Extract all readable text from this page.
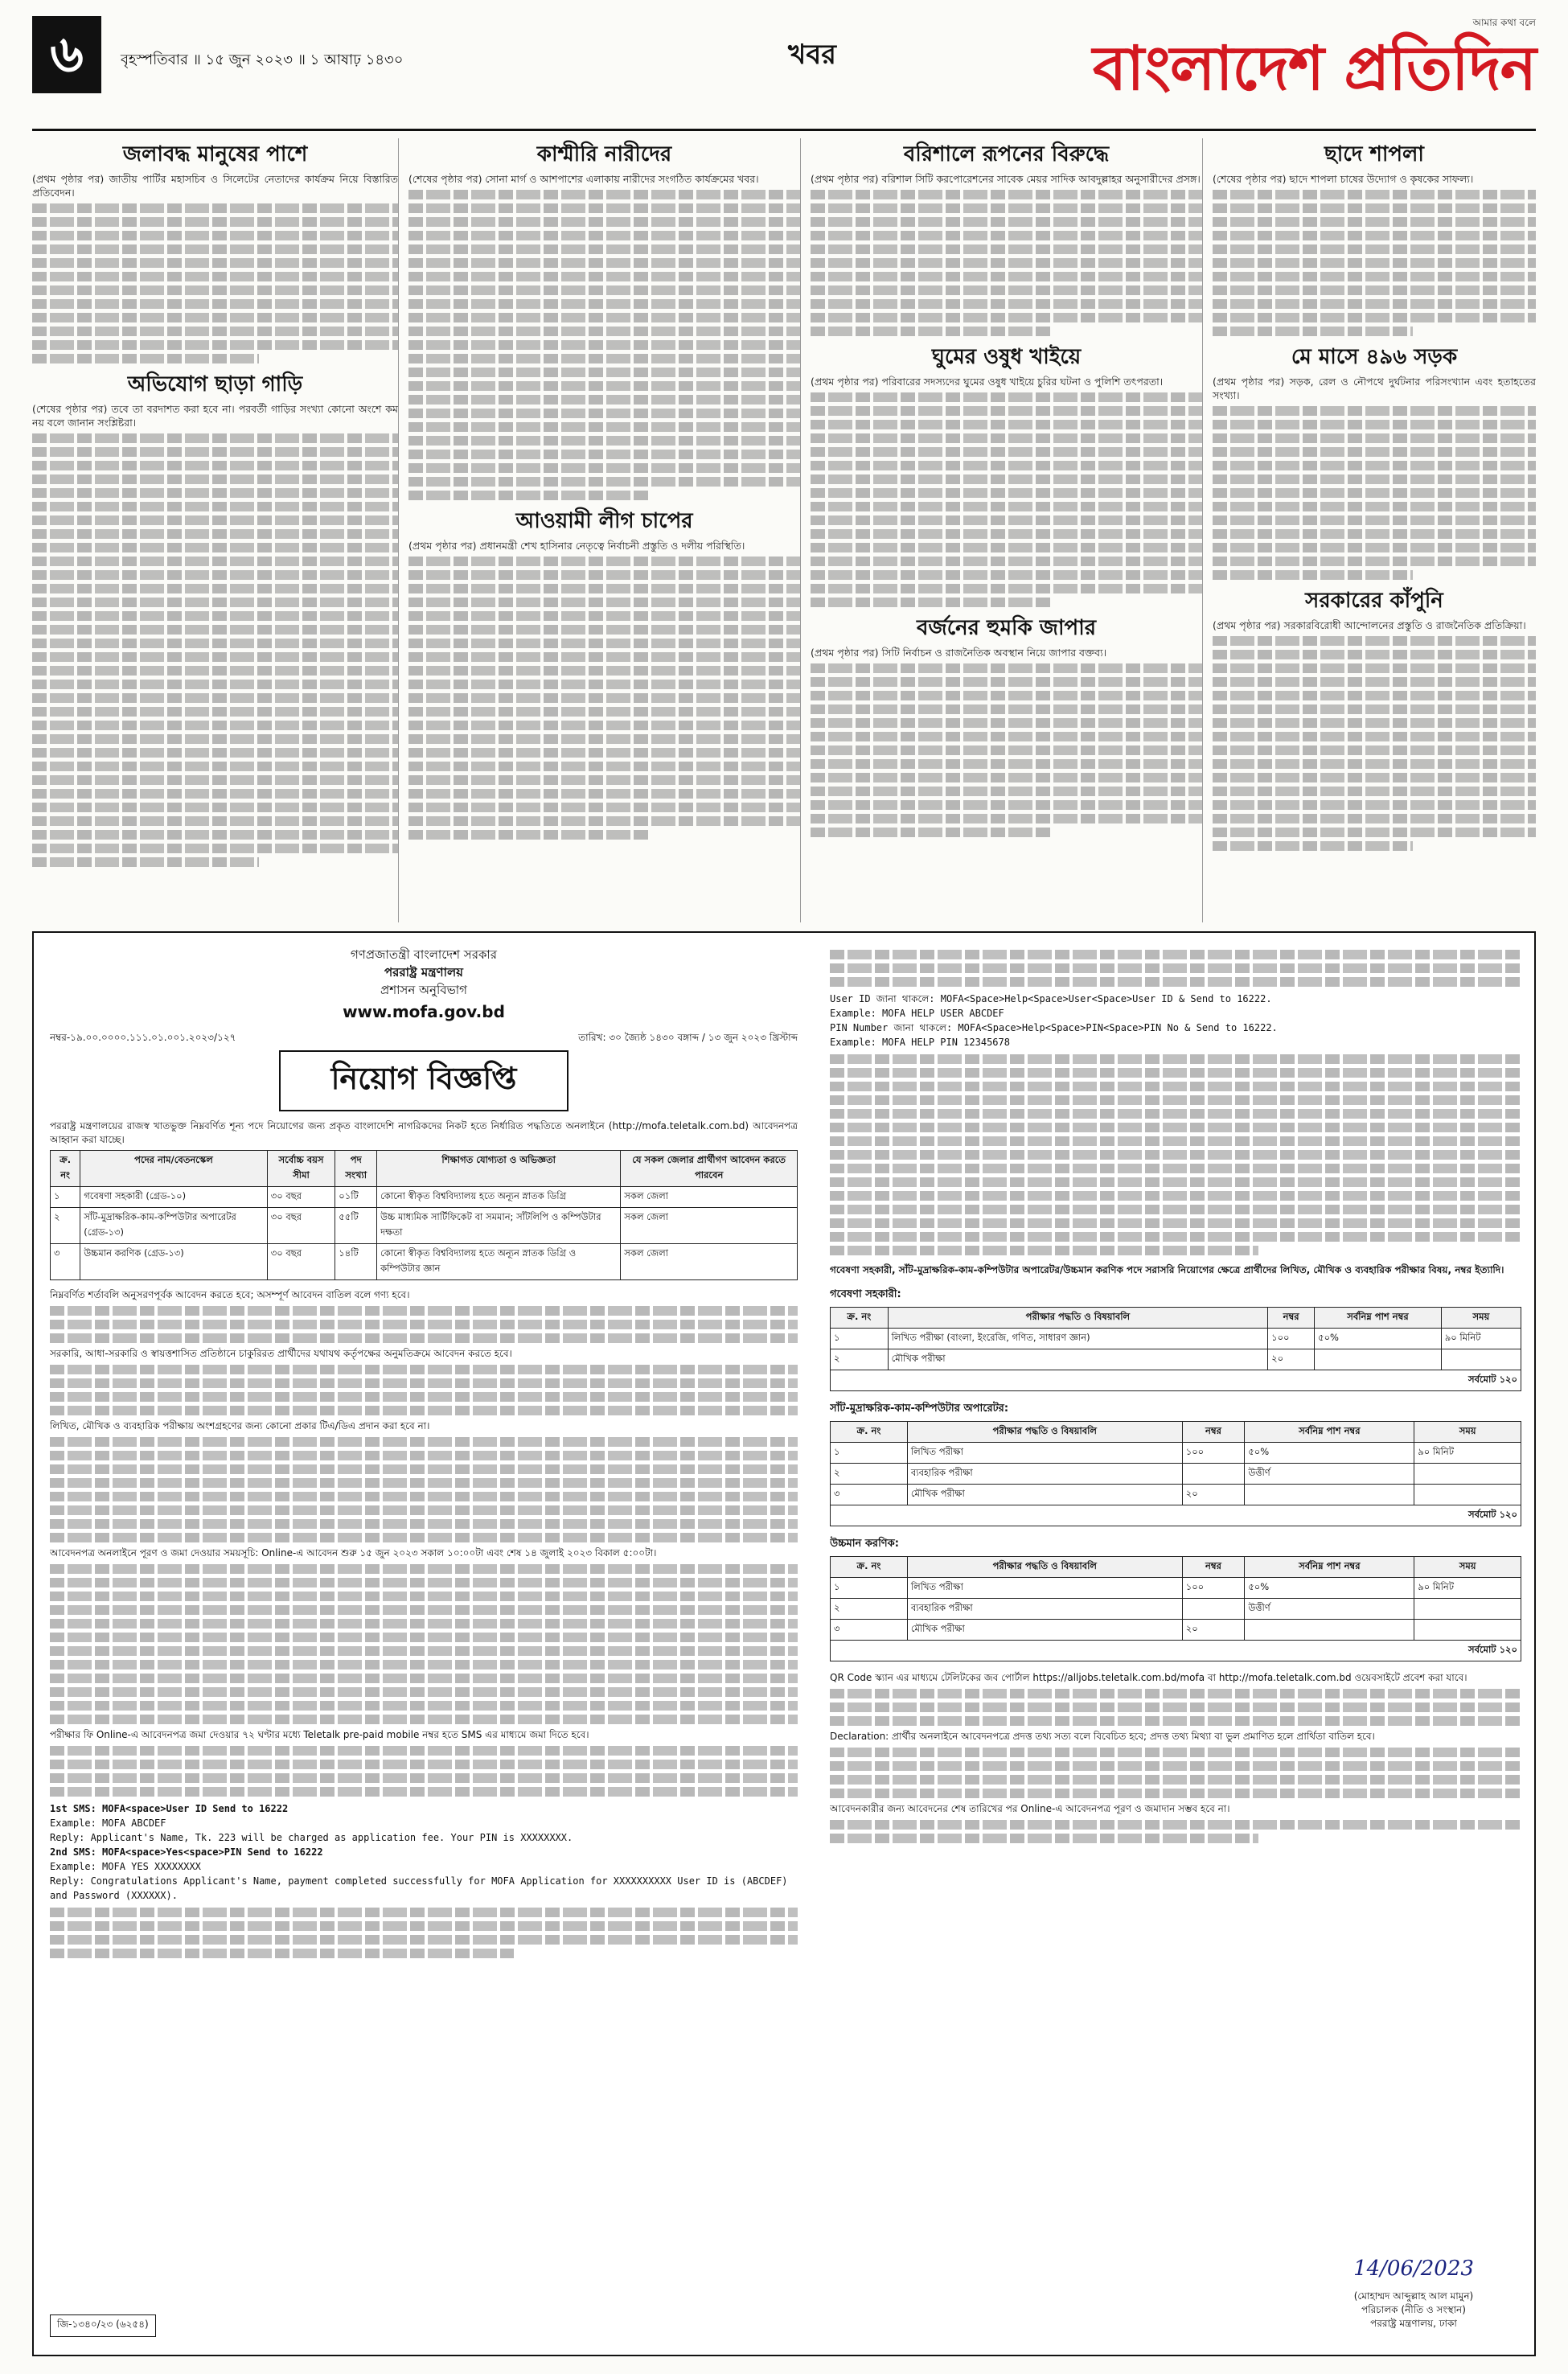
৬	বৃহস্পতিবার ॥ ১৫ জুন ২০২৩ ॥ ১ আষাঢ় ১৪৩০	খবর
আমার কথা বলে
বাংলাদেশ প্রতিদিন
জলাবদ্ধ মানুষের পাশে
(প্রথম পৃষ্ঠার পর) জাতীয় পার্টির মহাসচিব ও সিলেটের নেতাদের কার্যক্রম নিয়ে বিস্তারিত প্রতিবেদন।
অভিযোগ ছাড়া গাড়ি
(শেষের পৃষ্ঠার পর) তবে তা বরদাশত করা হবে না। পরবর্তী গাড়ির সংখ্যা কোনো অংশে কম নয় বলে জানান সংশ্লিষ্টরা।
কাশ্মীরি নারীদের
(শেষের পৃষ্ঠার পর) সোনা মার্গ ও আশপাশের এলাকায় নারীদের সংগঠিত কার্যক্রমের খবর।
আওয়ামী লীগ চাপের
(প্রথম পৃষ্ঠার পর) প্রধানমন্ত্রী শেখ হাসিনার নেতৃত্বে নির্বাচনী প্রস্তুতি ও দলীয় পরিস্থিতি।
বরিশালে রূপনের বিরুদ্ধে
(প্রথম পৃষ্ঠার পর) বরিশাল সিটি করপোরেশনের সাবেক মেয়র সাদিক আবদুল্লাহর অনুসারীদের প্রসঙ্গ।
ঘুমের ওষুধ খাইয়ে
(প্রথম পৃষ্ঠার পর) পরিবারের সদস্যদের ঘুমের ওষুধ খাইয়ে চুরির ঘটনা ও পুলিশি তৎপরতা।
বর্জনের হুমকি জাপার
(প্রথম পৃষ্ঠার পর) সিটি নির্বাচন ও রাজনৈতিক অবস্থান নিয়ে জাপার বক্তব্য।
ছাদে শাপলা
(শেষের পৃষ্ঠার পর) ছাদে শাপলা চাষের উদ্যোগ ও কৃষকের সাফল্য।
মে মাসে ৪৯৬ সড়ক
(প্রথম পৃষ্ঠার পর) সড়ক, রেল ও নৌপথে দুর্ঘটনার পরিসংখ্যান এবং হতাহতের সংখ্যা।
সরকারের কাঁপুনি
(প্রথম পৃষ্ঠার পর) সরকারবিরোধী আন্দোলনের প্রস্তুতি ও রাজনৈতিক প্রতিক্রিয়া।
গণপ্রজাতন্ত্রী বাংলাদেশ সরকার
পররাষ্ট্র মন্ত্রণালয়
প্রশাসন অনুবিভাগ
www.mofa.gov.bd
নম্বর-১৯.০০.০০০০.১১১.০১.০০১.২০২৩/১২৭	তারিখ: ৩০ জ্যৈষ্ঠ ১৪৩০ বঙ্গাব্দ / ১৩ জুন ২০২৩ খ্রিস্টাব্দ
নিয়োগ বিজ্ঞপ্তি

পররাষ্ট্র মন্ত্রণালয়ের রাজস্ব খাতভুক্ত নিম্নবর্ণিত শূন্য পদে নিয়োগের জন্য প্রকৃত বাংলাদেশি নাগরিকদের নিকট হতে নির্ধারিত পদ্ধতিতে অনলাইনে (http://mofa.teletalk.com.bd) আবেদনপত্র আহ্বান করা যাচ্ছে।

ক্র. নং	পদের নাম/বেতনস্কেল	সর্বোচ্চ বয়স সীমা	পদ সংখ্যা	শিক্ষাগত যোগ্যতা ও অভিজ্ঞতা	যে সকল জেলার প্রার্থীগণ আবেদন করতে পারবেন
১	গবেষণা সহকারী (গ্রেড-১০)	৩০ বছর	০১টি	কোনো স্বীকৃত বিশ্ববিদ্যালয় হতে অন্যূন স্নাতক ডিগ্রি	সকল জেলা
২	সাঁট-মুদ্রাক্ষরিক-কাম-কম্পিউটার অপারেটর (গ্রেড-১৩)	৩০ বছর	৫৫টি	উচ্চ মাধ্যমিক সার্টিফিকেট বা সমমান; সাঁটলিপি ও কম্পিউটার দক্ষতা	সকল জেলা
৩	উচ্চমান করণিক (গ্রেড-১৩)	৩০ বছর	১৪টি	কোনো স্বীকৃত বিশ্ববিদ্যালয় হতে অন্যূন স্নাতক ডিগ্রি ও কম্পিউটার জ্ঞান	সকল জেলা

নিম্নবর্ণিত শর্তাবলি অনুসরণপূর্বক আবেদন করতে হবে; অসম্পূর্ণ আবেদন বাতিল বলে গণ্য হবে।

সরকারি, আধা-সরকারি ও স্বায়ত্তশাসিত প্রতিষ্ঠানে চাকুরিরত প্রার্থীদের যথাযথ কর্তৃপক্ষের অনুমতিক্রমে আবেদন করতে হবে।

লিখিত, মৌখিক ও ব্যবহারিক পরীক্ষায় অংশগ্রহণের জন্য কোনো প্রকার টিএ/ডিএ প্রদান করা হবে না।

আবেদনপত্র অনলাইনে পূরণ ও জমা দেওয়ার সময়সূচি: Online-এ আবেদন শুরু ১৫ জুন ২০২৩ সকাল ১০:০০টা এবং শেষ ১৪ জুলাই ২০২৩ বিকাল ৫:০০টা।

পরীক্ষার ফি Online-এ আবেদনপত্র জমা দেওয়ার ৭২ ঘণ্টার মধ্যে Teletalk pre-paid mobile নম্বর হতে SMS এর মাধ্যমে জমা দিতে হবে।

1st SMS: MOFA<space>User ID Send to 16222
Example: MOFA ABCDEF
Reply: Applicant's Name, Tk. 223 will be charged as application fee. Your PIN is XXXXXXXX.
2nd SMS: MOFA<space>Yes<space>PIN Send to 16222
Example: MOFA YES XXXXXXXX
Reply: Congratulations Applicant's Name, payment completed successfully for MOFA Application for XXXXXXXXXX User ID is (ABCDEF) and Password (XXXXXX).
User ID জানা থাকলে: MOFA<Space>Help<Space>User<Space>User ID & Send to 16222.
Example: MOFA HELP USER ABCDEF
PIN Number জানা থাকলে: MOFA<Space>Help<Space>PIN<Space>PIN No & Send to 16222.
Example: MOFA HELP PIN 12345678

গবেষণা সহকারী, সাঁট-মুদ্রাক্ষরিক-কাম-কম্পিউটার অপারেটর/উচ্চমান করণিক পদে সরাসরি নিয়োগের ক্ষেত্রে প্রার্থীদের লিখিত, মৌখিক ও ব্যবহারিক পরীক্ষার বিষয়, নম্বর ইত্যাদি।

গবেষণা সহকারী:
ক্র. নং	পরীক্ষার পদ্ধতি ও বিষয়াবলি	নম্বর	সর্বনিম্ন পাশ নম্বর	সময়
১	লিখিত পরীক্ষা (বাংলা, ইংরেজি, গণিত, সাধারণ জ্ঞান)	১০০	৫০%	৯০ মিনিট
২	মৌখিক পরীক্ষা	২০		
সর্বমোট ১২০				
সাঁট-মুদ্রাক্ষরিক-কাম-কম্পিউটার অপারেটর:
ক্র. নং	পরীক্ষার পদ্ধতি ও বিষয়াবলি	নম্বর	সর্বনিম্ন পাশ নম্বর	সময়
১	লিখিত পরীক্ষা	১০০	৫০%	৯০ মিনিট
২	ব্যবহারিক পরীক্ষা		উত্তীর্ণ	
৩	মৌখিক পরীক্ষা	২০		
সর্বমোট ১২০				
উচ্চমান করণিক:
ক্র. নং	পরীক্ষার পদ্ধতি ও বিষয়াবলি	নম্বর	সর্বনিম্ন পাশ নম্বর	সময়
১	লিখিত পরীক্ষা	১০০	৫০%	৯০ মিনিট
২	ব্যবহারিক পরীক্ষা		উত্তীর্ণ	
৩	মৌখিক পরীক্ষা	২০		
সর্বমোট ১২০				

QR Code স্ক্যান এর মাধ্যমে টেলিটকের জব পোর্টাল https://alljobs.teletalk.com.bd/mofa বা http://mofa.teletalk.com.bd ওয়েবসাইটে প্রবেশ করা যাবে।

Declaration: প্রার্থীর অনলাইনে আবেদনপত্রে প্রদত্ত তথ্য সত্য বলে বিবেচিত হবে; প্রদত্ত তথ্য মিথ্যা বা ভুল প্রমাণিত হলে প্রার্থিতা বাতিল হবে।

আবেদনকারীর জন্য আবেদনের শেষ তারিখের পর Online-এ আবেদনপত্র পূরণ ও জমাদান সম্ভব হবে না।

14/06/2023
(মোহাম্মদ আব্দুল্লাহ আল মামুন)
পরিচালক (নীতি ও সংস্থান)
পররাষ্ট্র মন্ত্রণালয়, ঢাকা
জি-১৩৪০/২৩ (৬২৫৪)
